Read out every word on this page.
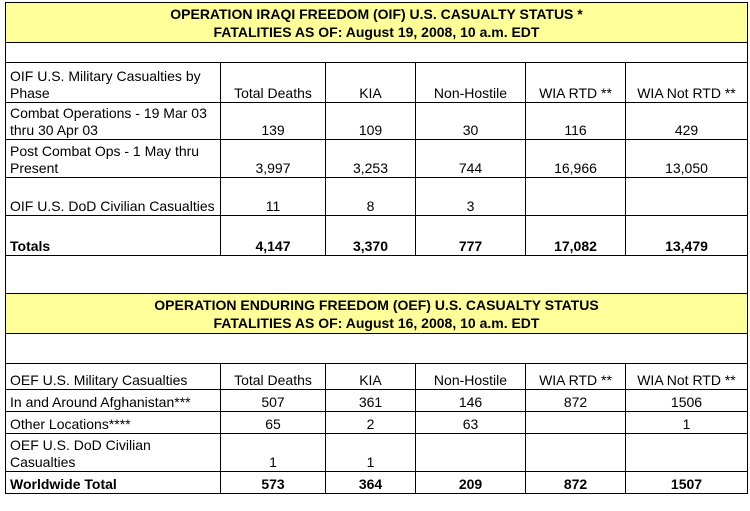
OPERATION IRAQI FREEDOM (OIF) U.S. CASUALTY STATUS *
FATALITIES AS OF: August 19, 2008, 10 a.m. EDT					

OIF U.S. Military Casualties by Phase	Total Deaths	KIA	Non-Hostile	WIA RTD **	WIA Not RTD **
Combat Operations - 19 Mar 03 thru 30 Apr 03	139	109	30	116	429
Post Combat Ops - 1 May thru Present	3,997	3,253	744	16,966	13,050
OIF U.S. DoD Civilian Casualties	11	8	3		
Totals	4,147	3,370	777	17,082	13,479

OPERATION ENDURING FREEDOM (OEF) U.S. CASUALTY STATUS
FATALITIES AS OF: August 16, 2008, 10 a.m. EDT					

OEF U.S. Military Casualties	Total Deaths	KIA	Non-Hostile	WIA RTD **	WIA Not RTD **
In and Around Afghanistan***	507	361	146	872	1506
Other Locations****	65	2	63		1
OEF U.S. DoD Civilian Casualties	1	1			
Worldwide Total	573	364	209	872	1507
